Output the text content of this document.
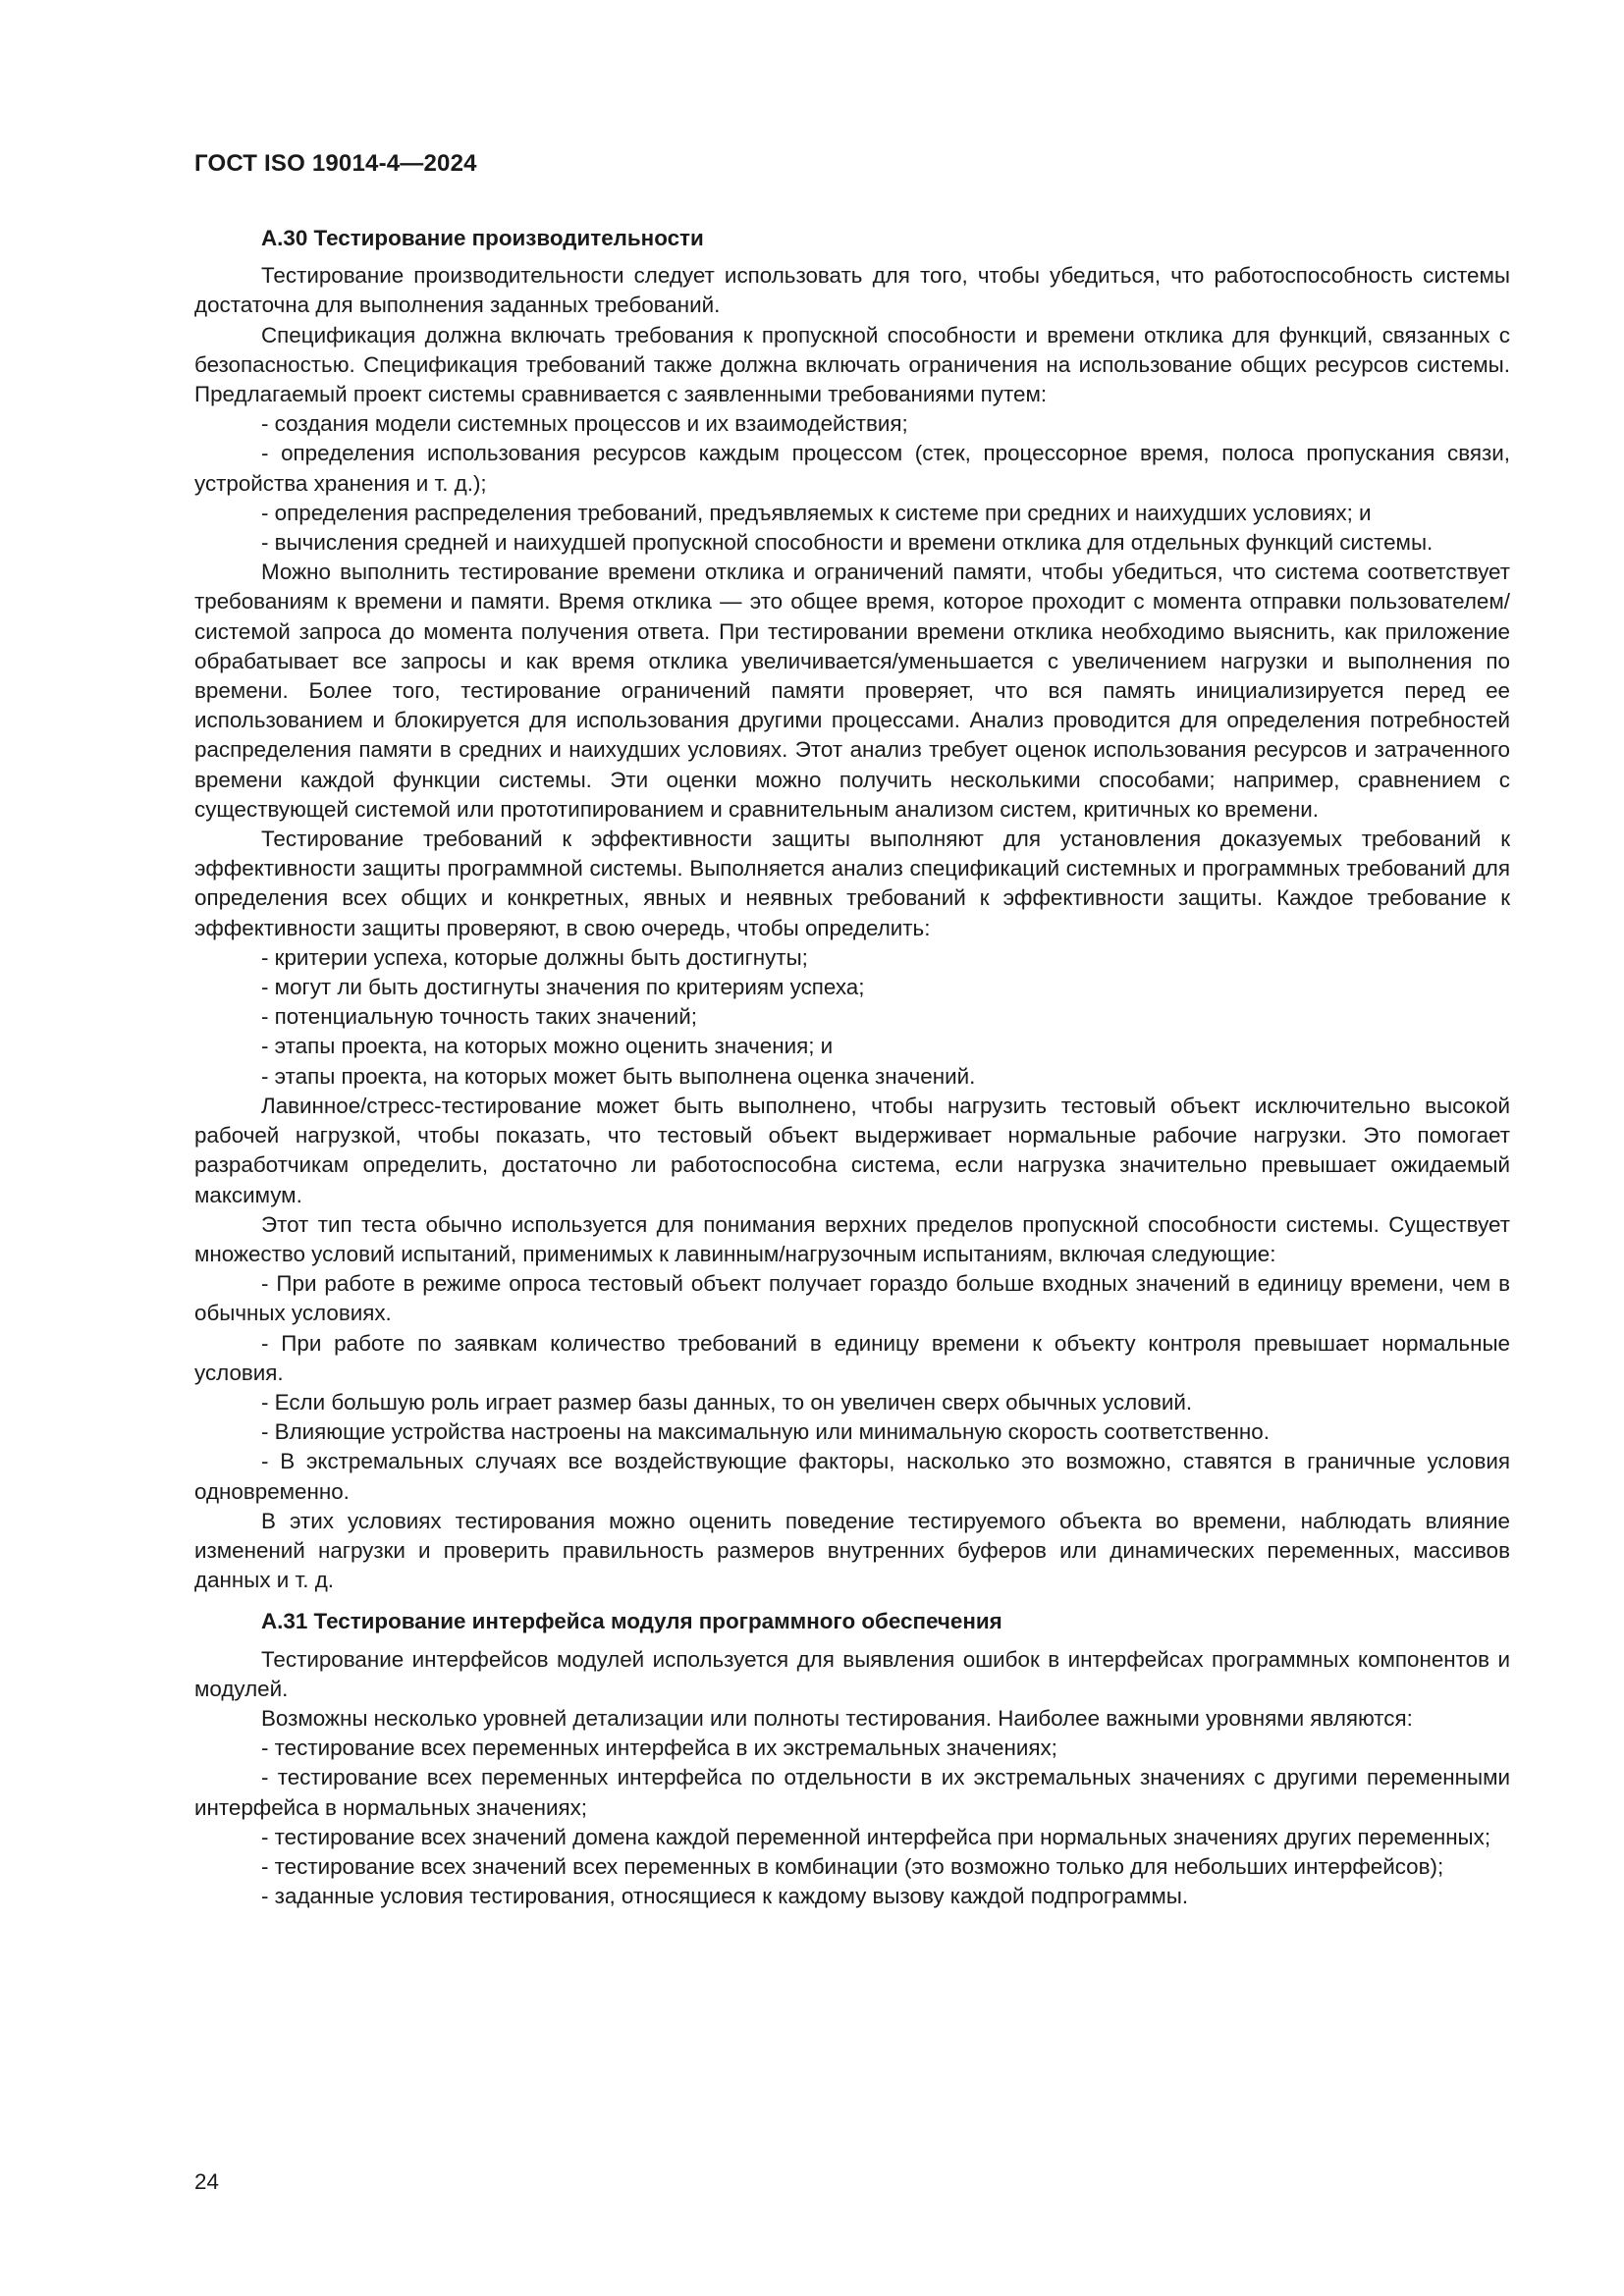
ГОСТ ISO 19014-4—2024

A.30 Тестирование производительности

Тестирование производительности следует использовать для того, чтобы убедиться, что работоспособность системы достаточна для выполнения заданных требований.

Спецификация должна включать требования к пропускной способности и времени отклика для функций, связанных с безопасностью. Спецификация требований также должна включать ограничения на использование общих ресурсов системы. Предлагаемый проект системы сравнивается с заявленными требованиями путем:

- создания модели системных процессов и их взаимодействия;

- определения использования ресурсов каждым процессом (стек, процессорное время, полоса пропускания связи, устройства хранения и т. д.);

- определения распределения требований, предъявляемых к системе при средних и наихудших условиях; и

- вычисления средней и наихудшей пропускной способности и времени отклика для отдельных функций системы.

Можно выполнить тестирование времени отклика и ограничений памяти, чтобы убедиться, что система соответствует требованиям к времени и памяти. Время отклика — это общее время, которое проходит с момента отправки пользователем/системой запроса до момента получения ответа. При тестировании времени отклика необходимо выяснить, как приложение обрабатывает все запросы и как время отклика увеличивается/уменьшается с увеличением нагрузки и выполнения по времени. Более того, тестирование ограничений памяти проверяет, что вся память инициализируется перед ее использованием и блокируется для использования другими процессами. Анализ проводится для определения потребностей распределения памяти в средних и наихудших условиях. Этот анализ требует оценок использования ресурсов и затраченного времени каждой функции системы. Эти оценки можно получить несколькими способами; например, сравнением с существующей системой или прототипированием и сравнительным анализом систем, критичных ко времени.

Тестирование требований к эффективности защиты выполняют для установления доказуемых требований к эффективности защиты программной системы. Выполняется анализ спецификаций системных и программных требований для определения всех общих и конкретных, явных и неявных требований к эффективности защиты. Каждое требование к эффективности защиты проверяют, в свою очередь, чтобы определить:

- критерии успеха, которые должны быть достигнуты;

- могут ли быть достигнуты значения по критериям успеха;

- потенциальную точность таких значений;

- этапы проекта, на которых можно оценить значения; и

- этапы проекта, на которых может быть выполнена оценка значений.

Лавинное/стресс-тестирование может быть выполнено, чтобы нагрузить тестовый объект исключительно высокой рабочей нагрузкой, чтобы показать, что тестовый объект выдерживает нормальные рабочие нагрузки. Это помогает разработчикам определить, достаточно ли работоспособна система, если нагрузка значительно превышает ожидаемый максимум.

Этот тип теста обычно используется для понимания верхних пределов пропускной способности системы. Существует множество условий испытаний, применимых к лавинным/нагрузочным испытаниям, включая следующие:

- При работе в режиме опроса тестовый объект получает гораздо больше входных значений в единицу времени, чем в обычных условиях.

- При работе по заявкам количество требований в единицу времени к объекту контроля превышает нормальные условия.

- Если большую роль играет размер базы данных, то он увеличен сверх обычных условий.

- Влияющие устройства настроены на максимальную или минимальную скорость соответственно.

- В экстремальных случаях все воздействующие факторы, насколько это возможно, ставятся в граничные условия одновременно.

В этих условиях тестирования можно оценить поведение тестируемого объекта во времени, наблюдать влияние изменений нагрузки и проверить правильность размеров внутренних буферов или динамических переменных, массивов данных и т. д.

A.31 Тестирование интерфейса модуля программного обеспечения

Тестирование интерфейсов модулей используется для выявления ошибок в интерфейсах программных компонентов и модулей.

Возможны несколько уровней детализации или полноты тестирования. Наиболее важными уровнями являются:

- тестирование всех переменных интерфейса в их экстремальных значениях;

- тестирование всех переменных интерфейса по отдельности в их экстремальных значениях с другими переменными интерфейса в нормальных значениях;

- тестирование всех значений домена каждой переменной интерфейса при нормальных значениях других переменных;

- тестирование всех значений всех переменных в комбинации (это возможно только для небольших интерфейсов);

- заданные условия тестирования, относящиеся к каждому вызову каждой подпрограммы.

24
